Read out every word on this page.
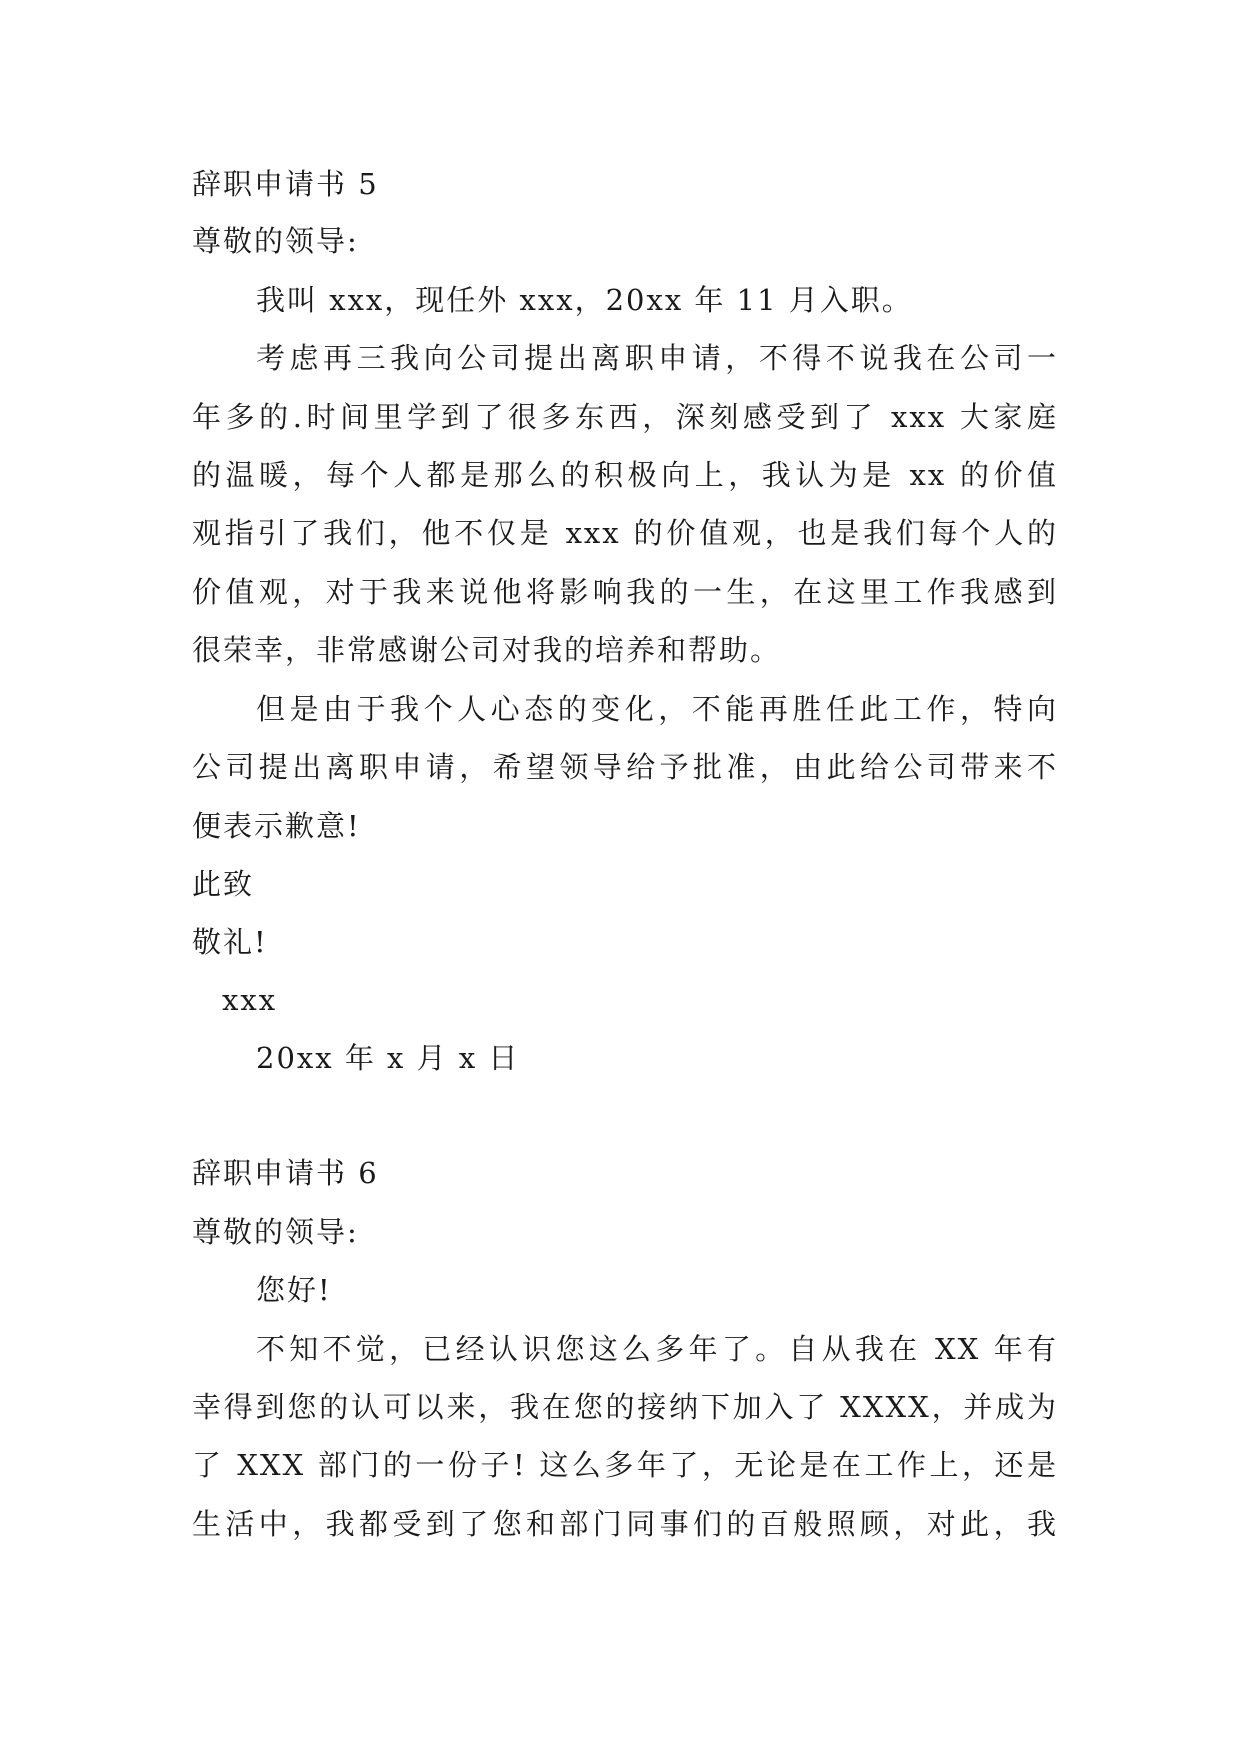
辞职申请书 5
尊敬的领导:
我叫 xxx，现任外 xxx，20xx 年 11 月入职。
考虑再三我向公司提出离职申请，不得不说我在公司一
年多的.时间里学到了很多东西，深刻感受到了 xxx 大家庭
的温暖，每个人都是那么的积极向上，我认为是 xx 的价值
观指引了我们，他不仅是 xxx 的价值观，也是我们每个人的
价值观，对于我来说他将影响我的一生，在这里工作我感到
很荣幸，非常感谢公司对我的培养和帮助。
但是由于我个人心态的变化，不能再胜任此工作，特向
公司提出离职申请，希望领导给予批准，由此给公司带来不
便表示歉意!
此致
敬礼!
xxx
20xx 年 x 月 x 日
辞职申请书 6
尊敬的领导:
您好!
不知不觉，已经认识您这么多年了。自从我在 XX 年有
幸得到您的认可以来，我在您的接纳下加入了 XXXX，并成为
了 XXX 部门的一份子! 这么多年了，无论是在工作上，还是
生活中，我都受到了您和部门同事们的百般照顾，对此，我
